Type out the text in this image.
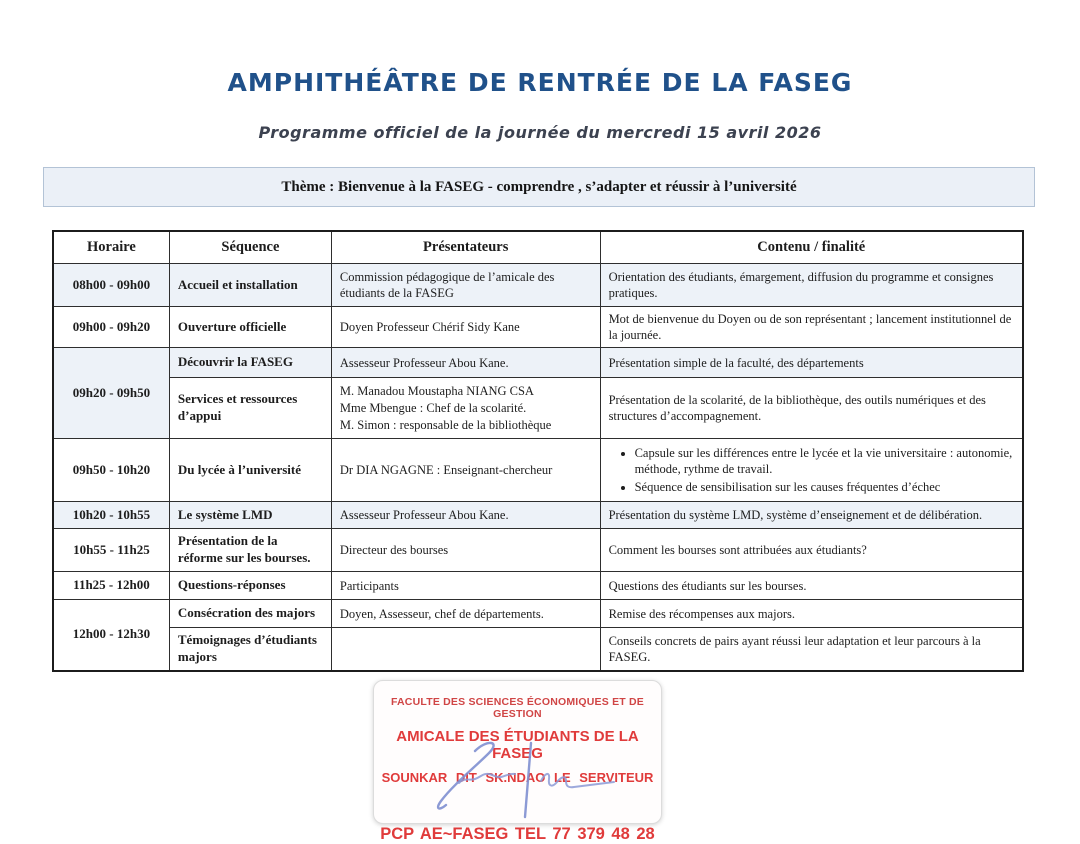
AMPHITHÉÂTRE DE RENTRÉE DE LA FASEG
Programme officiel de la journée du mercredi 15 avril 2026
Thème : Bienvenue à la FASEG - comprendre , s’adapter et réussir à l’université
Horaire	Séquence	Présentateurs	Contenu / finalité
08h00 - 09h00	Accueil et installation	Commission pédagogique de l’amicale des étudiants de la FASEG	Orientation des étudiants, émargement, diffusion du programme et consignes pratiques.
09h00 - 09h20	Ouverture officielle	Doyen Professeur Chérif Sidy Kane	Mot de bienvenue du Doyen ou de son représentant ; lancement institutionnel de la journée.
09h20 - 09h50	Découvrir la FASEG	Assesseur Professeur Abou Kane.	Présentation simple de la faculté, des départements
	Services et ressources d’appui	M. Manadou Moustapha NIANG CSA
Mme Mbengue : Chef de la scolarité.
M. Simon : responsable de la bibliothèque	Présentation de la scolarité, de la bibliothèque, des outils numériques et des structures d’accompagnement.
09h50 - 10h20	Du lycée à l’université	Dr DIA NGAGNE : Enseignant-chercheur

• Capsule sur les différences entre le lycée et la vie universitaire : autonomie, méthode, rythme de travail.
• Séquence de sensibilisation sur les causes fréquentes d’échec

10h20 - 10h55	Le système LMD	Assesseur Professeur Abou Kane.	Présentation du système LMD, système d’enseignement et de délibération.
10h55 - 11h25	Présentation de la réforme sur les bourses.	Directeur des bourses	Comment les bourses sont attribuées aux étudiants?
11h25 - 12h00	Questions-réponses	Participants	Questions des étudiants sur les bourses.
12h00 - 12h30	Consécration des majors	Doyen, Assesseur, chef de départements.	Remise des récompenses aux majors.
	Témoignages d’étudiants majors		Conseils concrets de pairs ayant réussi leur adaptation et leur parcours à la FASEG.
FACULTE DES SCIENCES ÉCONOMIQUES ET DE GESTION
AMICALE DES ÉTUDIANTS DE LA FASEG
SOUNKAR DIT SK.NDAO LE SERVITEUR
PCP AE~FASEG TEL 77 379 48 28
